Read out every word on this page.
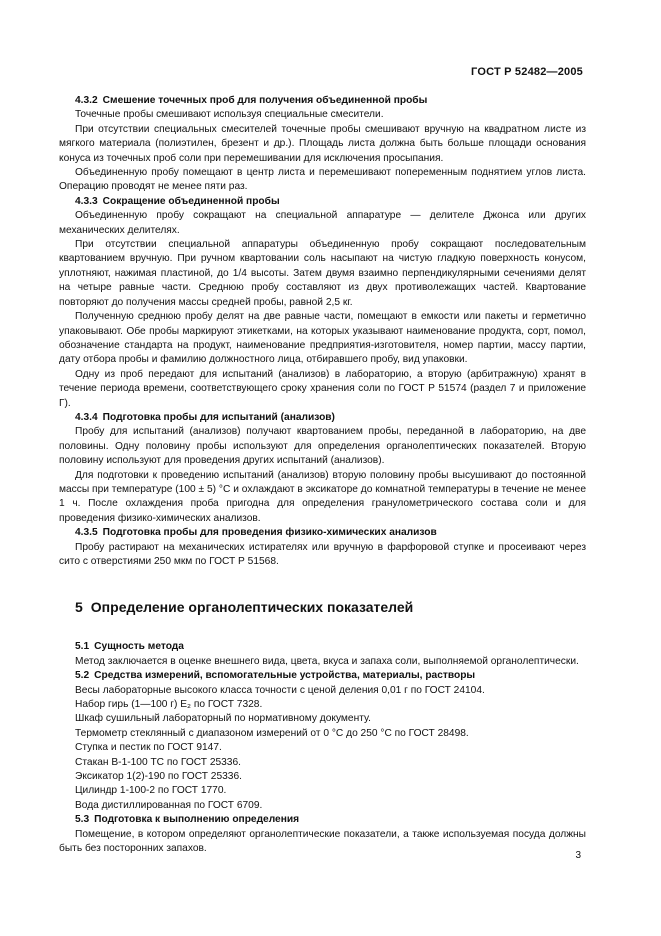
ГОСТ Р 52482—2005
4.3.2 Смешение точечных проб для получения объединенной пробы

Точечные пробы смешивают используя специальные смесители.

При отсутствии специальных смесителей точечные пробы смешивают вручную на квадратном листе из мягкого материала (полиэтилен, брезент и др.). Площадь листа должна быть больше площади основания конуса из точечных проб соли при перемешивании для исключения просыпания.

Объединенную пробу помещают в центр листа и перемешивают попеременным поднятием углов листа. Операцию проводят не менее пяти раз.

4.3.3 Сокращение объединенной пробы

Объединенную пробу сокращают на специальной аппаратуре — делителе Джонса или других механических делителях.

При отсутствии специальной аппаратуры объединенную пробу сокращают последовательным квартованием вручную. При ручном квартовании соль насыпают на чистую гладкую поверхность конусом, уплотняют, нажимая пластиной, до 1/4 высоты. Затем двумя взаимно перпендикулярными сечениями делят на четыре равные части. Среднюю пробу составляют из двух противолежащих частей. Квартование повторяют до получения массы средней пробы, равной 2,5 кг.

Полученную среднюю пробу делят на две равные части, помещают в емкости или пакеты и герметично упаковывают. Обе пробы маркируют этикетками, на которых указывают наименование продукта, сорт, помол, обозначение стандарта на продукт, наименование предприятия-изготовителя, номер партии, массу партии, дату отбора пробы и фамилию должностного лица, отбиравшего пробу, вид упаковки.

Одну из проб передают для испытаний (анализов) в лабораторию, а вторую (арбитражную) хранят в течение периода времени, соответствующего сроку хранения соли по ГОСТ Р 51574 (раздел 7 и приложение Г).

4.3.4 Подготовка пробы для испытаний (анализов)

Пробу для испытаний (анализов) получают квартованием пробы, переданной в лабораторию, на две половины. Одну половину пробы используют для определения органолептических показателей. Вторую половину используют для проведения других испытаний (анализов).

Для подготовки к проведению испытаний (анализов) вторую половину пробы высушивают до постоянной массы при температуре (100 ± 5) °С и охлаждают в эксикаторе до комнатной температуры в течение не менее 1 ч. После охлаждения проба пригодна для определения гранулометрического состава соли и для проведения физико-химических анализов.

4.3.5 Подготовка пробы для проведения физико-химических анализов

Пробу растирают на механических истирателях или вручную в фарфоровой ступке и просеивают через сито с отверстиями 250 мкм по ГОСТ Р 51568.

5 Определение органолептических показателей
5.1 Сущность метода

Метод заключается в оценке внешнего вида, цвета, вкуса и запаха соли, выполняемой органолептически.

5.2 Средства измерений, вспомогательные устройства, материалы, растворы

Весы лабораторные высокого класса точности с ценой деления 0,01 г по ГОСТ 24104.

Набор гирь (1—100 г) Е₂ по ГОСТ 7328.

Шкаф сушильный лабораторный по нормативному документу.

Термометр стеклянный с диапазоном измерений от 0 °С до 250 °С по ГОСТ 28498.

Ступка и пестик по ГОСТ 9147.

Стакан В-1-100 ТС по ГОСТ 25336.

Эксикатор 1(2)-190 по ГОСТ 25336.

Цилиндр 1-100-2 по ГОСТ 1770.

Вода дистиллированная по ГОСТ 6709.

5.3 Подготовка к выполнению определения

Помещение, в котором определяют органолептические показатели, а также используемая посуда должны быть без посторонних запахов.

3
